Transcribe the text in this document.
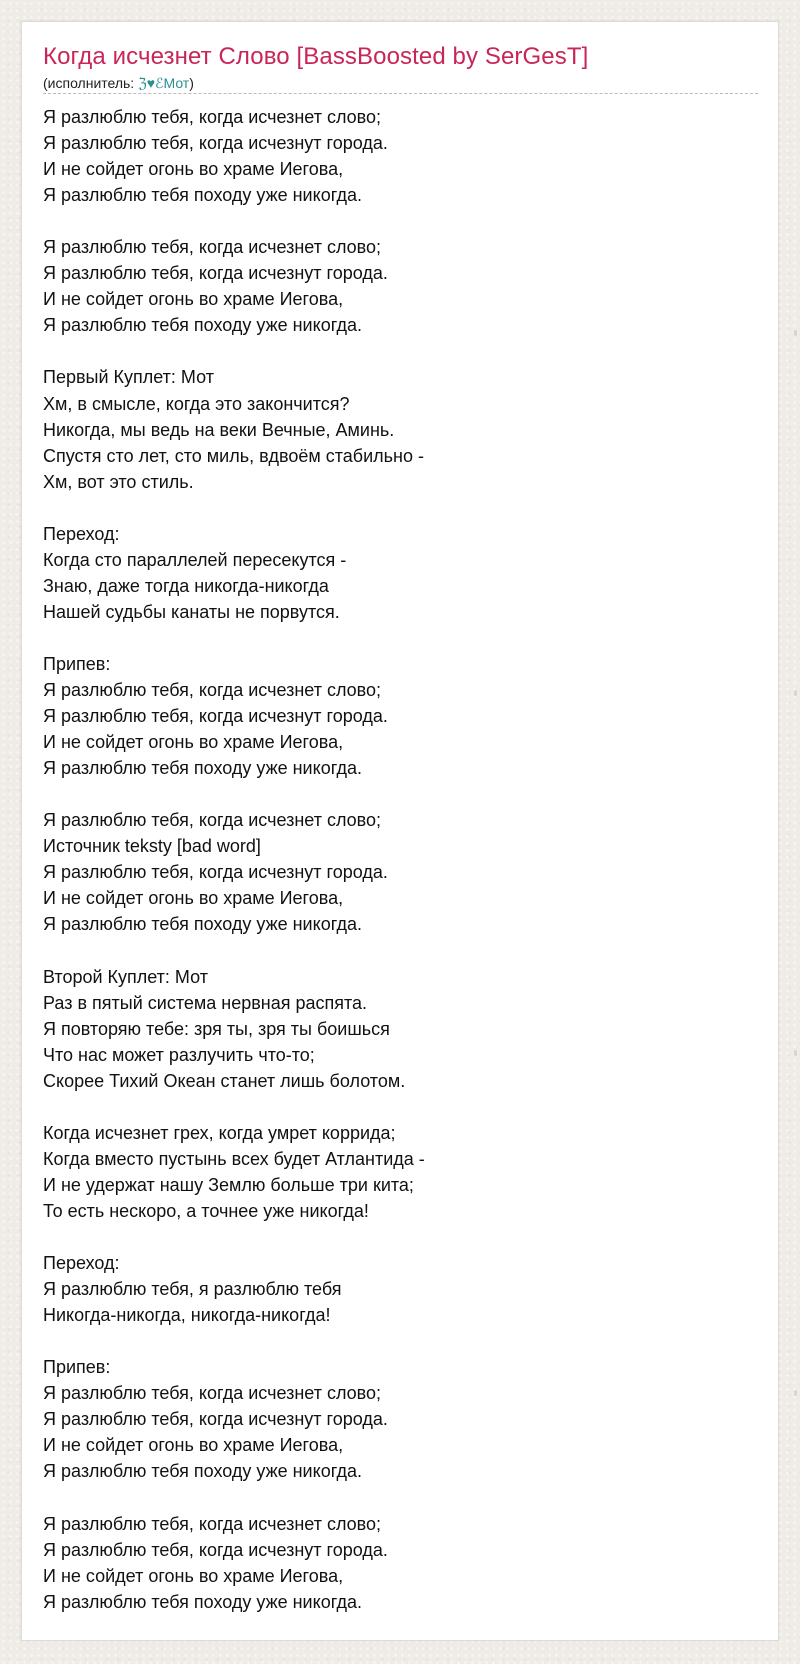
Когда исчезнет Слово [BassBoosted by SerGesT]
(исполнитель: ℨ♥ℰМот)
Я разлюблю тебя, когда исчезнет слово;
Я разлюблю тебя, когда исчезнут города.
И не сойдет огонь во храме Иегова,
Я разлюблю тебя походу уже никогда.
Я разлюблю тебя, когда исчезнет слово;
Я разлюблю тебя, когда исчезнут города.
И не сойдет огонь во храме Иегова,
Я разлюблю тебя походу уже никогда.
Первый Куплет: Мот
Хм, в смысле, когда это закончится?
Никогда, мы ведь на веки Вечные, Аминь.
Спустя сто лет, сто миль, вдвоём стабильно -
Хм, вот это стиль.
Переход:
Когда сто параллелей пересекутся -
Знаю, даже тогда никогда-никогда
Нашей судьбы канаты не порвутся.
Припев:
Я разлюблю тебя, когда исчезнет слово;
Я разлюблю тебя, когда исчезнут города.
И не сойдет огонь во храме Иегова,
Я разлюблю тебя походу уже никогда.
Я разлюблю тебя, когда исчезнет слово;
Источник teksty [bad word]
Я разлюблю тебя, когда исчезнут города.
И не сойдет огонь во храме Иегова,
Я разлюблю тебя походу уже никогда.
Второй Куплет: Мот
Раз в пятый система нервная распята.
Я повторяю тебе: зря ты, зря ты боишься
Что нас может разлучить что-то;
Скорее Тихий Океан станет лишь болотом.
Когда исчезнет грех, когда умрет коррида;
Когда вместо пустынь всех будет Атлантида -
И не удержат нашу Землю больше три кита;
То есть нескоро, а точнее уже никогда!
Переход:
Я разлюблю тебя, я разлюблю тебя
Никогда-никогда, никогда-никогда!
Припев:
Я разлюблю тебя, когда исчезнет слово;
Я разлюблю тебя, когда исчезнут города.
И не сойдет огонь во храме Иегова,
Я разлюблю тебя походу уже никогда.
Я разлюблю тебя, когда исчезнет слово;
Я разлюблю тебя, когда исчезнут города.
И не сойдет огонь во храме Иегова,
Я разлюблю тебя походу уже никогда.
